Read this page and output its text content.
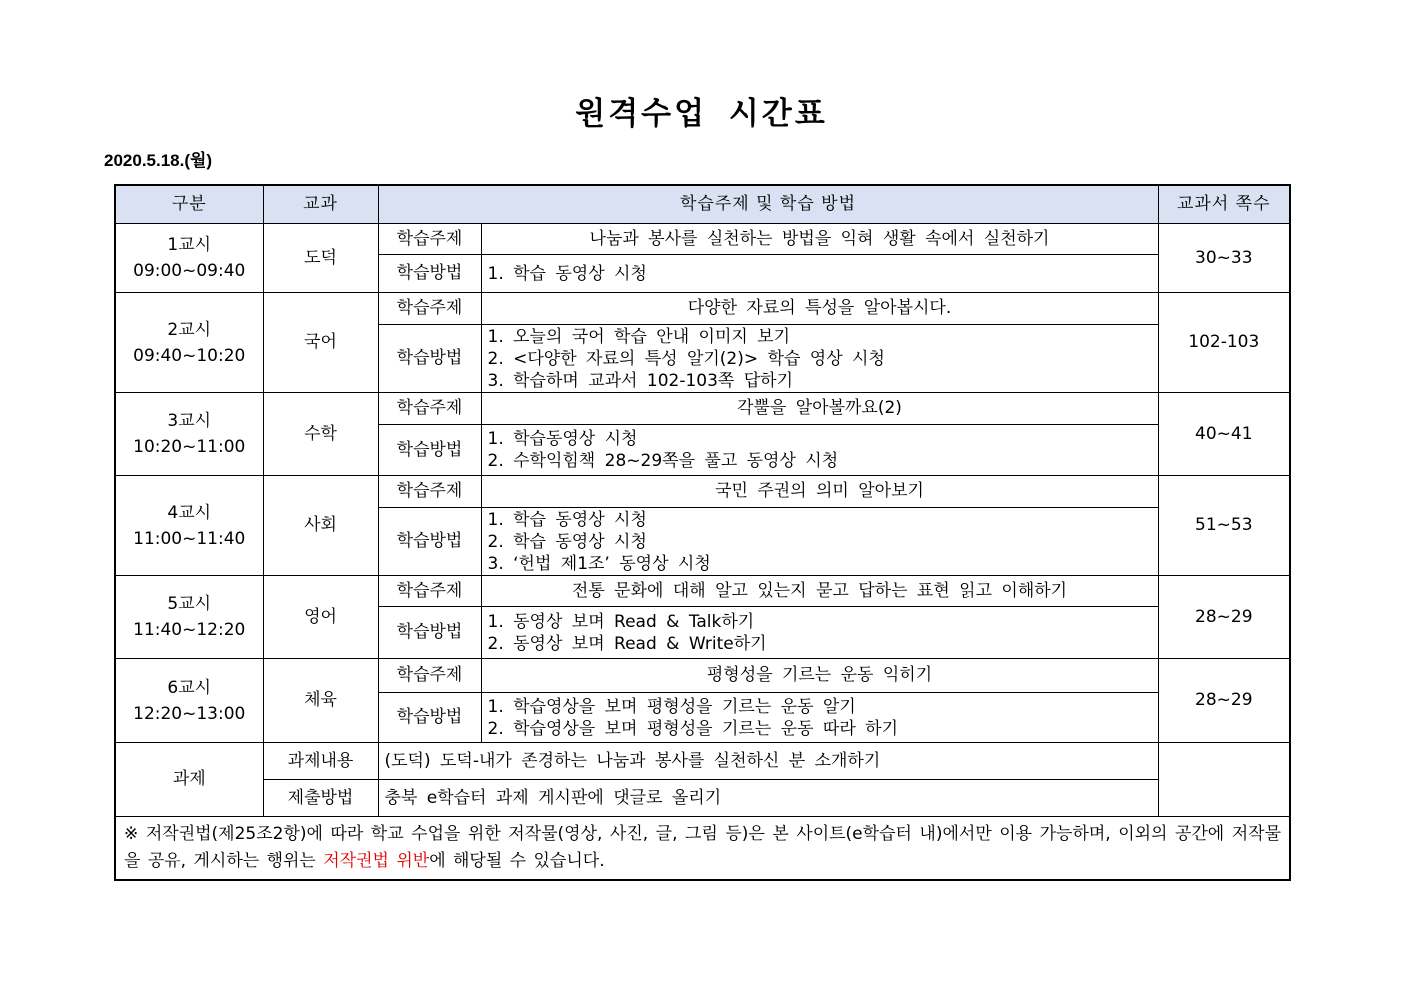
원격수업 시간표
2020.5.18.(월)
구분	교과	학습주제 및 학습 방법		교과서 쪽수

1교시
09:00~09:40	도덕	학습주제	나눔과 봉사를 실천하는 방법을 익혀 생활 속에서 실천하기	30~33
		학습방법	1. 학습 동영상 시청	

2교시
09:40~10:20	국어	학습주제	다양한 자료의 특성을 알아봅시다.	102-103
		학습방법	1. 오늘의 국어 학습 안내 이미지 보기
2. <다양한 자료의 특성 알기(2)> 학습 영상 시청
3. 학습하며 교과서 102-103쪽 답하기	

3교시
10:20~11:00	수학	학습주제	각뿔을 알아볼까요(2)	40~41
		학습방법	1. 학습동영상 시청
2. 수학익힘책 28~29쪽을 풀고 동영상 시청	

4교시
11:00~11:40	사회	학습주제	국민 주권의 의미 알아보기	51~53
		학습방법	1. 학습 동영상 시청
2. 학습 동영상 시청
3. ‘헌법 제1조’ 동영상 시청	

5교시
11:40~12:20	영어	학습주제	전통 문화에 대해 알고 있는지 묻고 답하는 표현 읽고 이해하기	28~29
		학습방법	1. 동영상 보며 Read & Talk하기
2. 동영상 보며 Read & Write하기	

6교시
12:20~13:00	체육	학습주제	평형성을 기르는 운동 익히기	28~29
		학습방법	1. 학습영상을 보며 평형성을 기르는 운동 알기
2. 학습영상을 보며 평형성을 기르는 운동 따라 하기	

과제	과제내용	(도덕) 도덕-내가 존경하는 나눔과 봉사를 실천하신 분 소개하기		
	제출방법	충북 e학습터 과제 게시판에 댓글로 올리기		
※ 저작권법(제25조2항)에 따라 학교 수업을 위한 저작물(영상, 사진, 글, 그림 등)은 본 사이트(e학습터 내)에서만 이용 가능하며, 이외의 공간에 저작물을 공유, 게시하는 행위는 저작권법 위반에 해당될 수 있습니다.				
